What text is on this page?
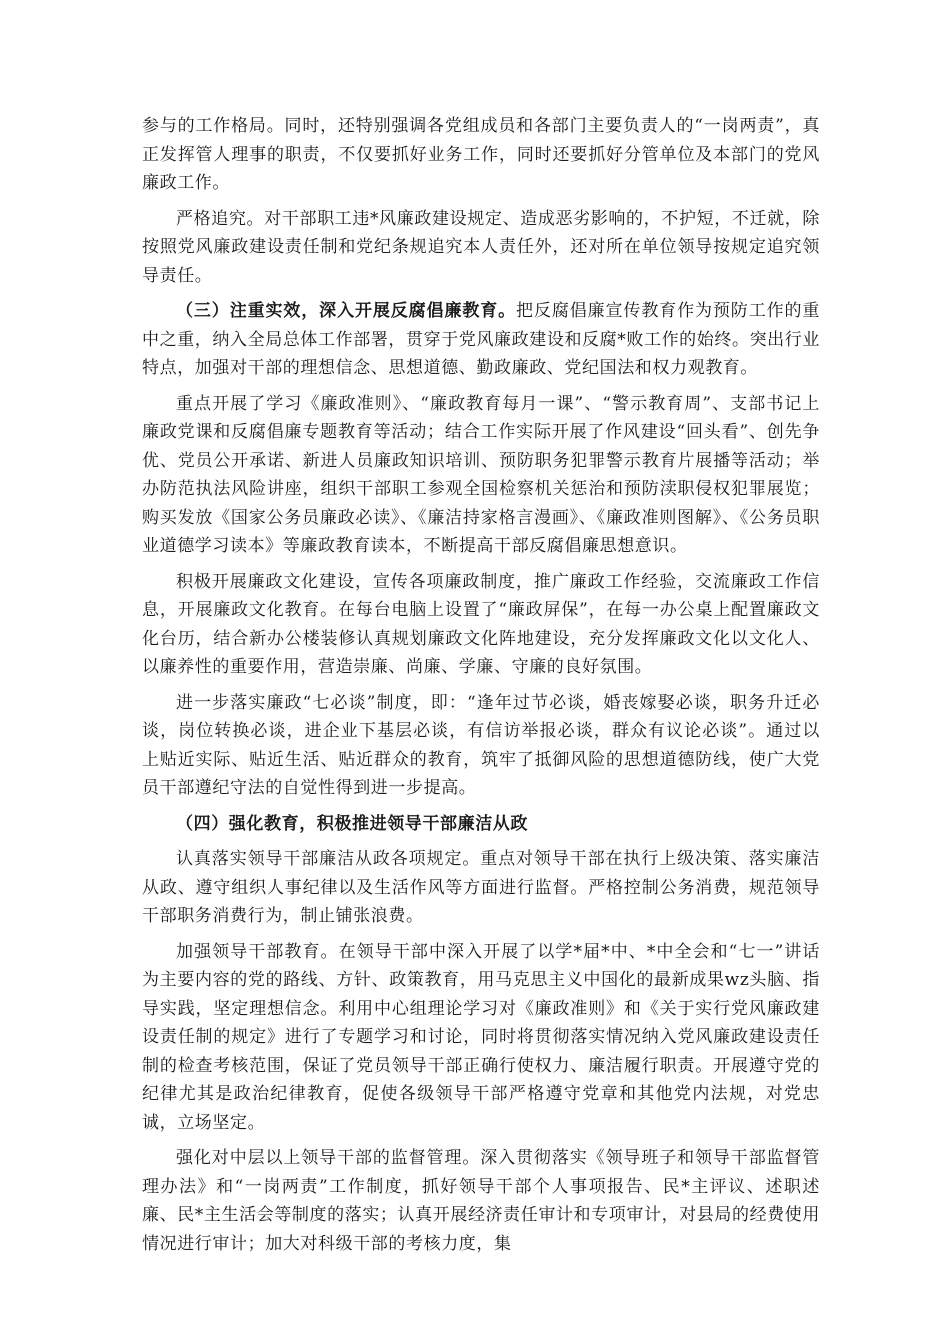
参与的工作格局。同时，还特别强调各党组成员和各部门主要负责人的“一岗两责”，真正发挥管人理事的职责，不仅要抓好业务工作，同时还要抓好分管单位及本部门的党风廉政工作。

严格追究。对干部职工违*风廉政建设规定、造成恶劣影响的，不护短，不迁就，除按照党风廉政建设责任制和党纪条规追究本人责任外，还对所在单位领导按规定追究领导责任。

（三）注重实效，深入开展反腐倡廉教育。把反腐倡廉宣传教育作为预防工作的重中之重，纳入全局总体工作部署，贯穿于党风廉政建设和反腐*败工作的始终。突出行业特点，加强对干部的理想信念、思想道德、勤政廉政、党纪国法和权力观教育。

重点开展了学习《廉政准则》、“廉政教育每月一课”、“警示教育周”、支部书记上廉政党课和反腐倡廉专题教育等活动；结合工作实际开展了作风建设“回头看”、创先争优、党员公开承诺、新进人员廉政知识培训、预防职务犯罪警示教育片展播等活动；举办防范执法风险讲座，组织干部职工参观全国检察机关惩治和预防渎职侵权犯罪展览；购买发放《国家公务员廉政必读》、《廉洁持家格言漫画》、《廉政准则图解》、《公务员职业道德学习读本》等廉政教育读本，不断提高干部反腐倡廉思想意识。

积极开展廉政文化建设，宣传各项廉政制度，推广廉政工作经验，交流廉政工作信息，开展廉政文化教育。在每台电脑上设置了“廉政屏保”，在每一办公桌上配置廉政文化台历，结合新办公楼装修认真规划廉政文化阵地建设，充分发挥廉政文化以文化人、以廉养性的重要作用，营造崇廉、尚廉、学廉、守廉的良好氛围。

进一步落实廉政“七必谈”制度，即：“逢年过节必谈，婚丧嫁娶必谈，职务升迁必谈，岗位转换必谈，进企业下基层必谈，有信访举报必谈，群众有议论必谈”。通过以上贴近实际、贴近生活、贴近群众的教育，筑牢了抵御风险的思想道德防线，使广大党员干部遵纪守法的自觉性得到进一步提高。

（四）强化教育，积极推进领导干部廉洁从政

认真落实领导干部廉洁从政各项规定。重点对领导干部在执行上级决策、落实廉洁从政、遵守组织人事纪律以及生活作风等方面进行监督。严格控制公务消费，规范领导干部职务消费行为，制止铺张浪费。

加强领导干部教育。在领导干部中深入开展了以学*届*中、*中全会和“七一”讲话为主要内容的党的路线、方针、政策教育，用马克思主义中国化的最新成果wz头脑、指导实践，坚定理想信念。利用中心组理论学习对《廉政准则》和《关于实行党风廉政建设责任制的规定》进行了专题学习和讨论，同时将贯彻落实情况纳入党风廉政建设责任制的检查考核范围，保证了党员领导干部正确行使权力、廉洁履行职责。开展遵守党的纪律尤其是政治纪律教育，促使各级领导干部严格遵守党章和其他党内法规，对党忠诚，立场坚定。

强化对中层以上领导干部的监督管理。深入贯彻落实《领导班子和领导干部监督管理办法》和“一岗两责”工作制度，抓好领导干部个人事项报告、民*主评议、述职述廉、民*主生活会等制度的落实；认真开展经济责任审计和专项审计，对县局的经费使用情况进行审计；加大对科级干部的考核力度，集
